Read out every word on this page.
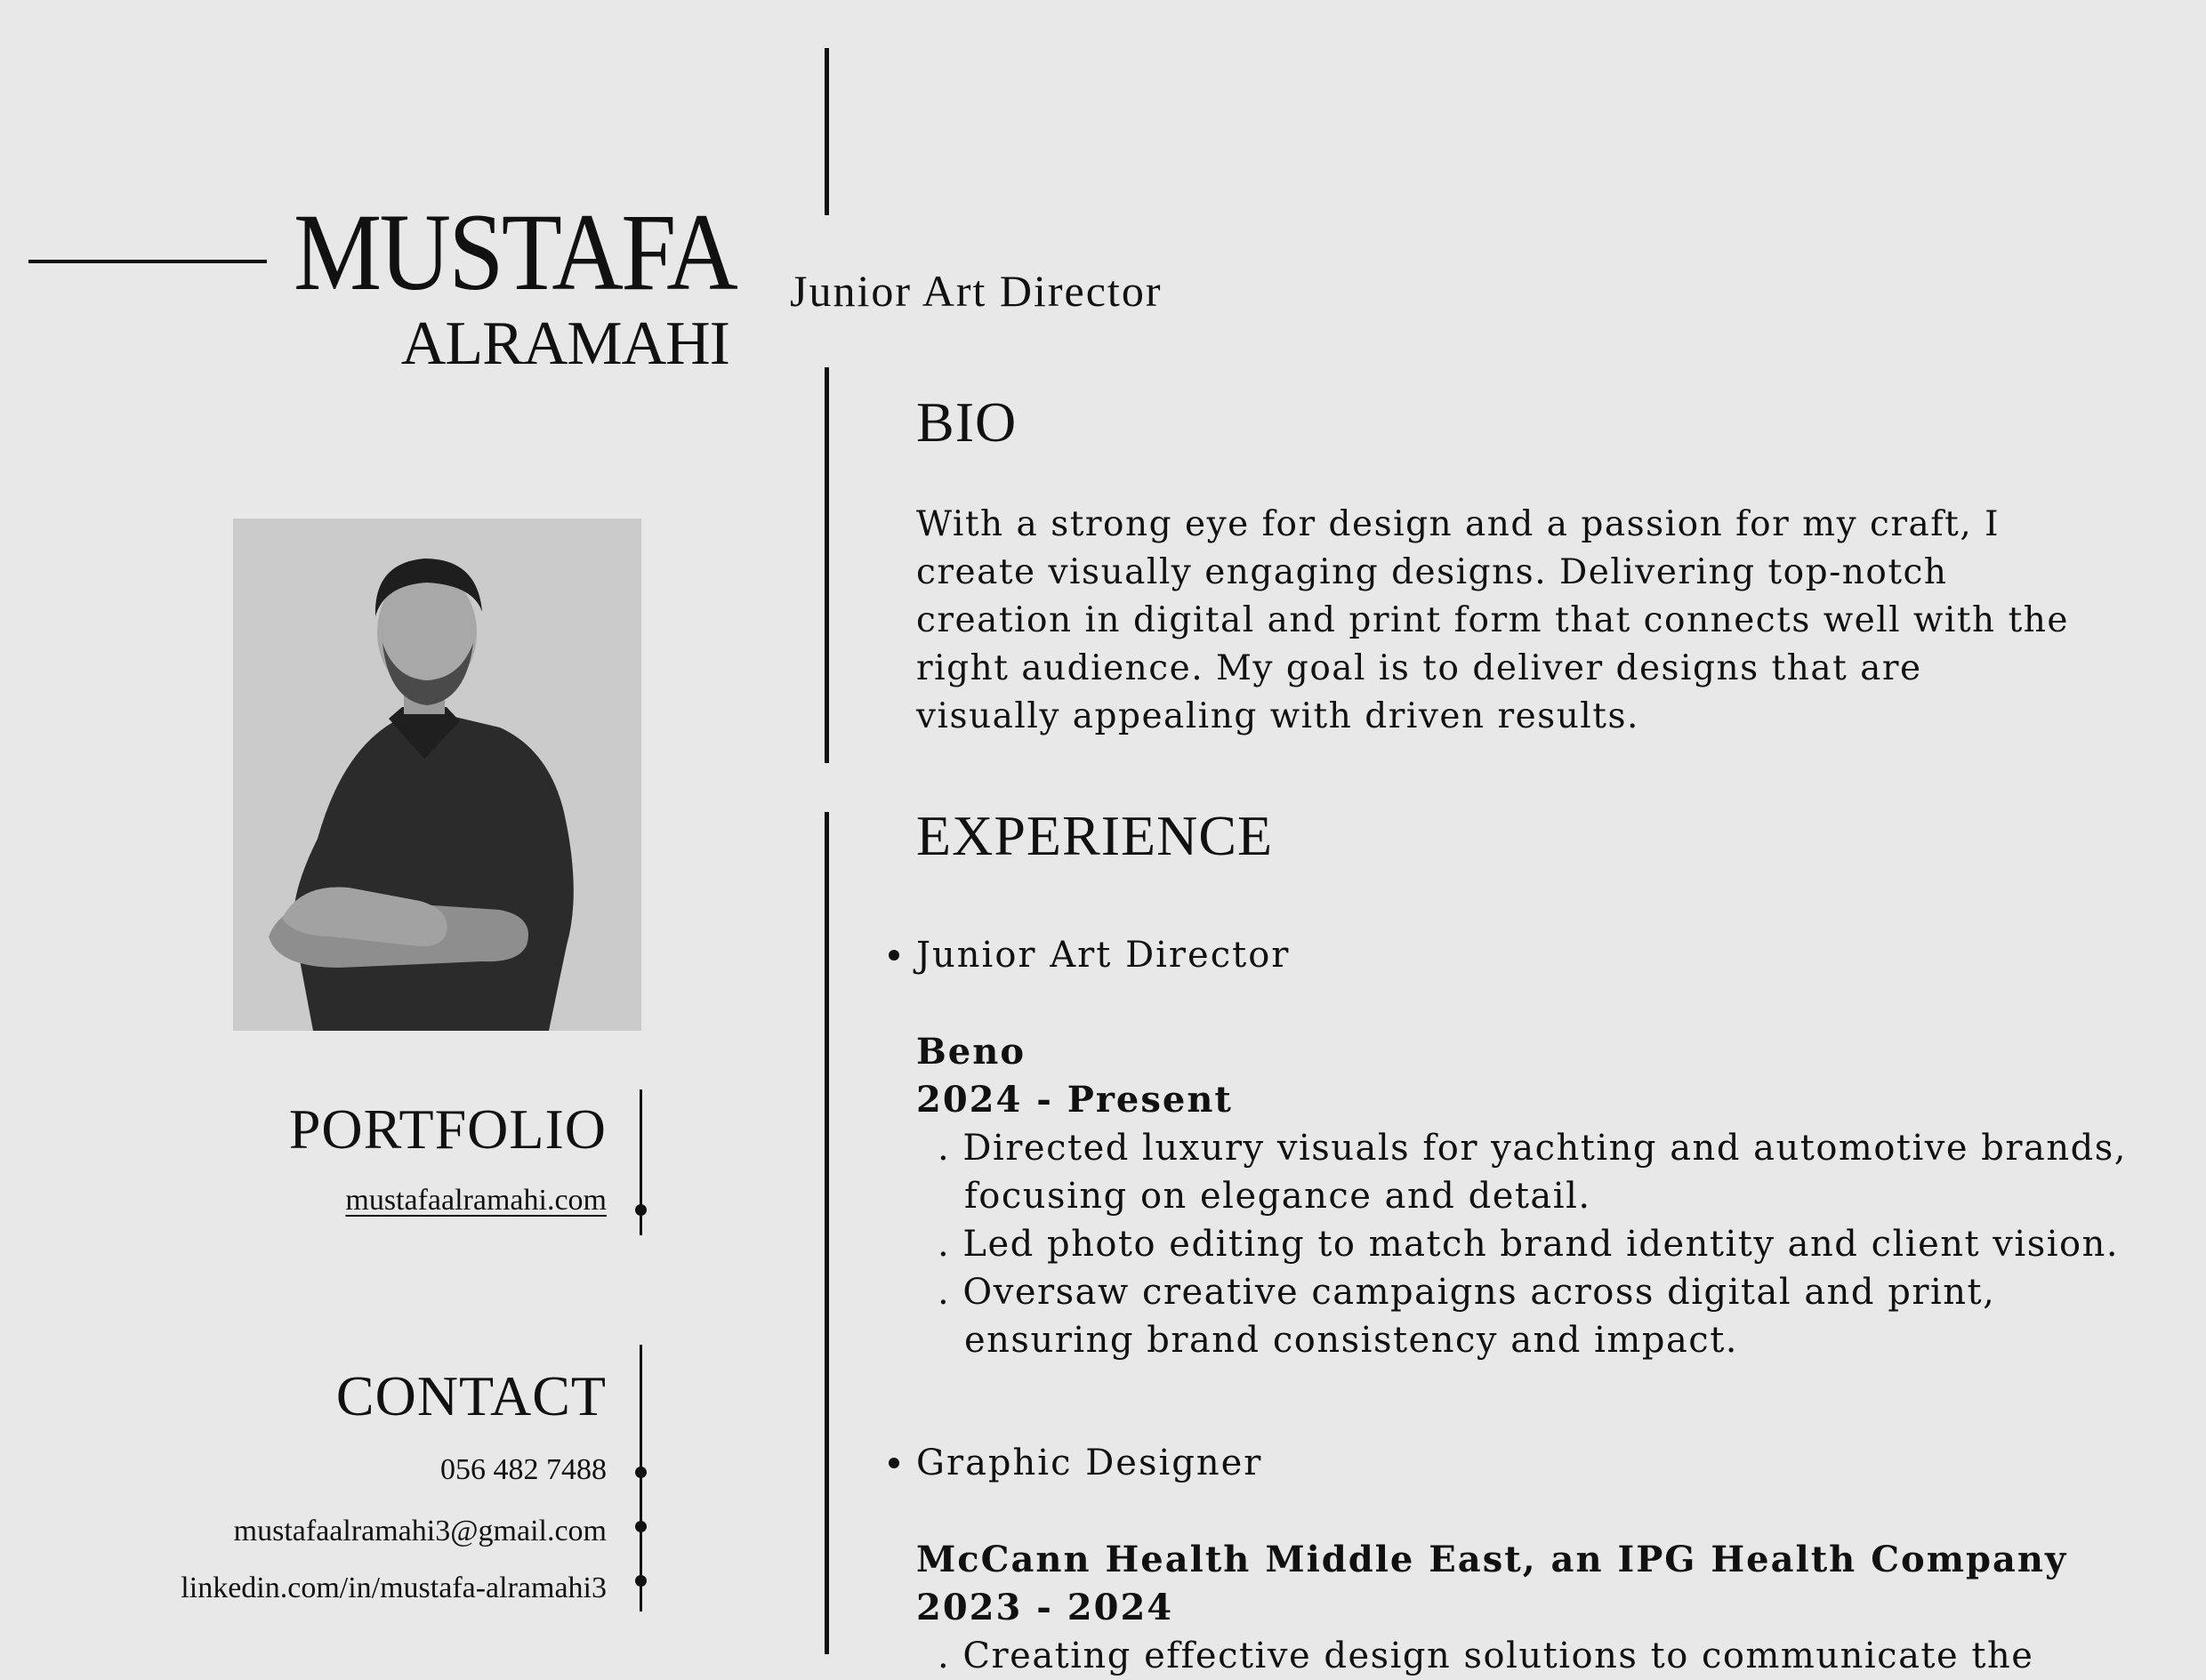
MUSTAFA
ALRAMAHI
Junior Art Director
PORTFOLIO
mustafaalramahi.com
CONTACT
056 482 7488
mustafaalramahi3@gmail.com
linkedin.com/in/mustafa-alramahi3
BIO
With a strong eye for design and a passion for my craft, I create visually engaging designs. Delivering top-notch creation in digital and print form that connects well with the right audience. My goal is to deliver designs that are visually appealing with driven results.
EXPERIENCE
Junior Art Director
Beno
2024 - Present
. Directed luxury visuals for yachting and automotive brands,
focusing on elegance and detail.
. Led photo editing to match brand identity and client vision.
. Oversaw creative campaigns across digital and print,
ensuring brand consistency and impact.
Graphic Designer
McCann Health Middle East, an IPG Health Company
2023 - 2024
. Creating effective design solutions to communicate the
